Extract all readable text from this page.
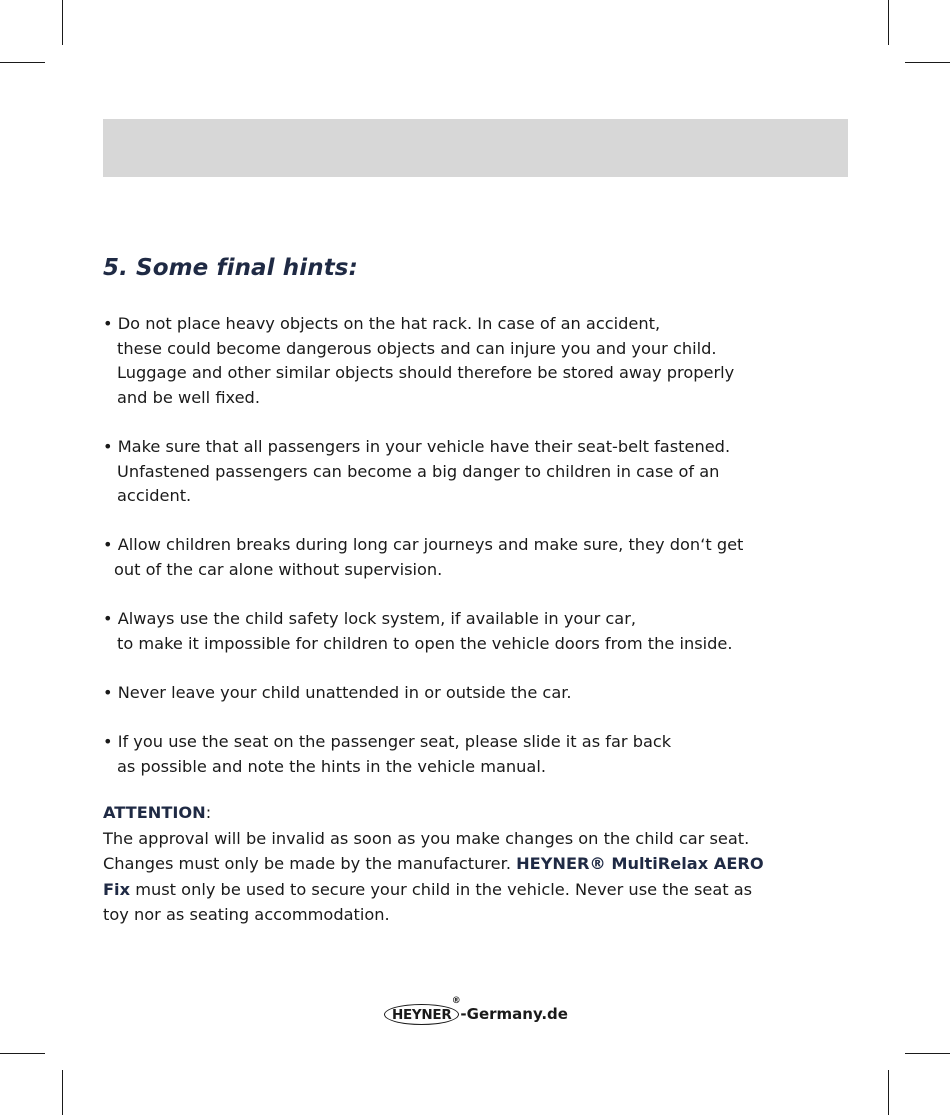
5. Some final hints:
• Do not place heavy objects on the hat rack. In case of an accident,
these could become dangerous objects and can injure you and your child.
Luggage and other similar objects should therefore be stored away properly
and be well fixed.
• Make sure that all passengers in your vehicle have their seat-belt fastened.
Unfastened passengers can become a big danger to children in case of an
accident.
• Allow children breaks during long car journeys and make sure, they don‘t get
out of the car alone without supervision.
• Always use the child safety lock system, if available in your car,
to make it impossible for children to open the vehicle doors from the inside.
• Never leave your child unattended in or outside the car.
• If you use the seat on the passenger seat, please slide it as far back
as possible and note the hints in the vehicle manual.
ATTENTION:
The approval will be invalid as soon as you make changes on the child car seat.
Changes must only be made by the manufacturer. HEYNER® MultiRelax AERO
Fix must only be used to secure your child in the vehicle. Never use the seat as
toy nor as seating accommodation.
HEYNER
®
-Germany.de
